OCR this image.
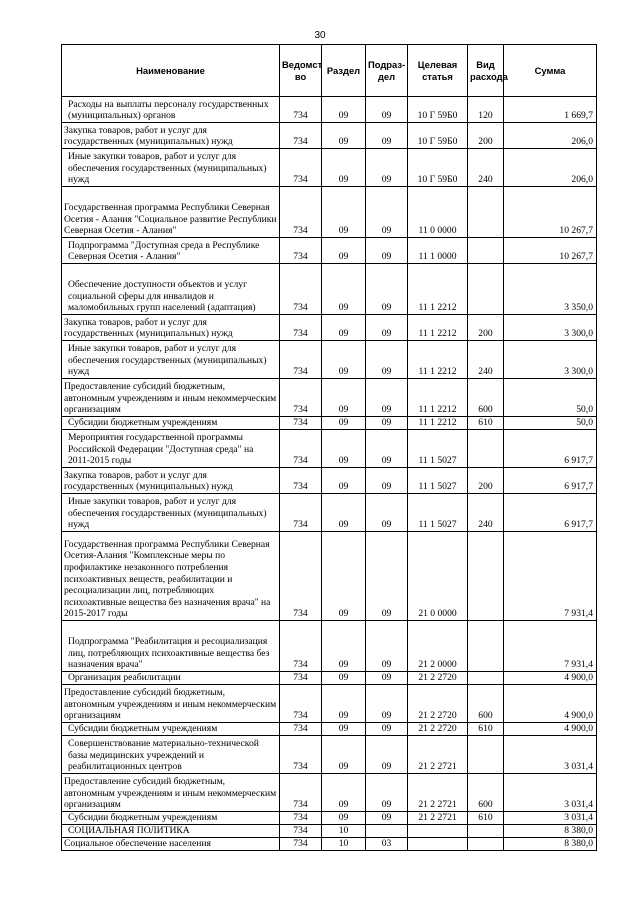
30
Наименование	Ведомст во	Раздел	Подраз- дел	Целевая статья	Вид расхода	Сумма
Расходы на выплаты персоналу государственных (муниципальных) органов	734	09	09	10 Г 59Б0	120	1 669,7
Закупка товаров, работ и услуг для государственных (муниципальных) нужд	734	09	09	10 Г 59Б0	200	206,0
Иные закупки товаров, работ и услуг для обеспечения государственных (муниципальных) нужд	734	09	09	10 Г 59Б0	240	206,0
Государственная программа Республики Северная Осетия - Алания "Социальное развитие Республики Северная Осетия - Алания"	734	09	09	11 0 0000		10 267,7
Подпрограмма "Доступная среда в Республике Северная Осетия - Алания"	734	09	09	11 1 0000		10 267,7
Обеспечение доступности объектов и услуг социальной сферы для инвалидов и маломобильных групп населений (адаптация)	734	09	09	11 1 2212		3 350,0
Закупка товаров, работ и услуг для государственных (муниципальных) нужд	734	09	09	11 1 2212	200	3 300,0
Иные закупки товаров, работ и услуг для обеспечения государственных (муниципальных) нужд	734	09	09	11 1 2212	240	3 300,0
Предоставление субсидий бюджетным, автономным учреждениям и иным некоммерческим организациям	734	09	09	11 1 2212	600	50,0
Субсидии бюджетным учреждениям	734	09	09	11 1 2212	610	50,0
Мероприятия государственной программы Российской Федерации "Доступная среда" на 2011-2015 годы	734	09	09	11 1 5027		6 917,7
Закупка товаров, работ и услуг для государственных (муниципальных) нужд	734	09	09	11 1 5027	200	6 917,7
Иные закупки товаров, работ и услуг для обеспечения государственных (муниципальных) нужд	734	09	09	11 1 5027	240	6 917,7
Государственная программа Республики Северная Осетия-Алания "Комплексные меры по профилактике незаконного потребления психоактивных веществ, реабилитации и ресоциализации лиц, потребляющих психоактивные вещества без назначения врача" на 2015-2017 годы	734	09	09	21 0 0000		7 931,4
Подпрограмма "Реабилитация и ресоциализация лиц, потребляющих психоактивные вещества без назначения врача"	734	09	09	21 2 0000		7 931,4
Организация реабилитации	734	09	09	21 2 2720		4 900,0
Предоставление субсидий бюджетным, автономным учреждениям и иным некоммерческим организациям	734	09	09	21 2 2720	600	4 900,0
Субсидии бюджетным учреждениям	734	09	09	21 2 2720	610	4 900,0
Совершенствование материально-технической базы медицинских учреждений и реабилитационных центров	734	09	09	21 2 2721		3 031,4
Предоставление субсидий бюджетным, автономным учреждениям и иным некоммерческим организациям	734	09	09	21 2 2721	600	3 031,4
Субсидии бюджетным учреждениям	734	09	09	21 2 2721	610	3 031,4
СОЦИАЛЬНАЯ ПОЛИТИКА	734	10				8 380,0
Социальное обеспечение населения	734	10	03			8 380,0
